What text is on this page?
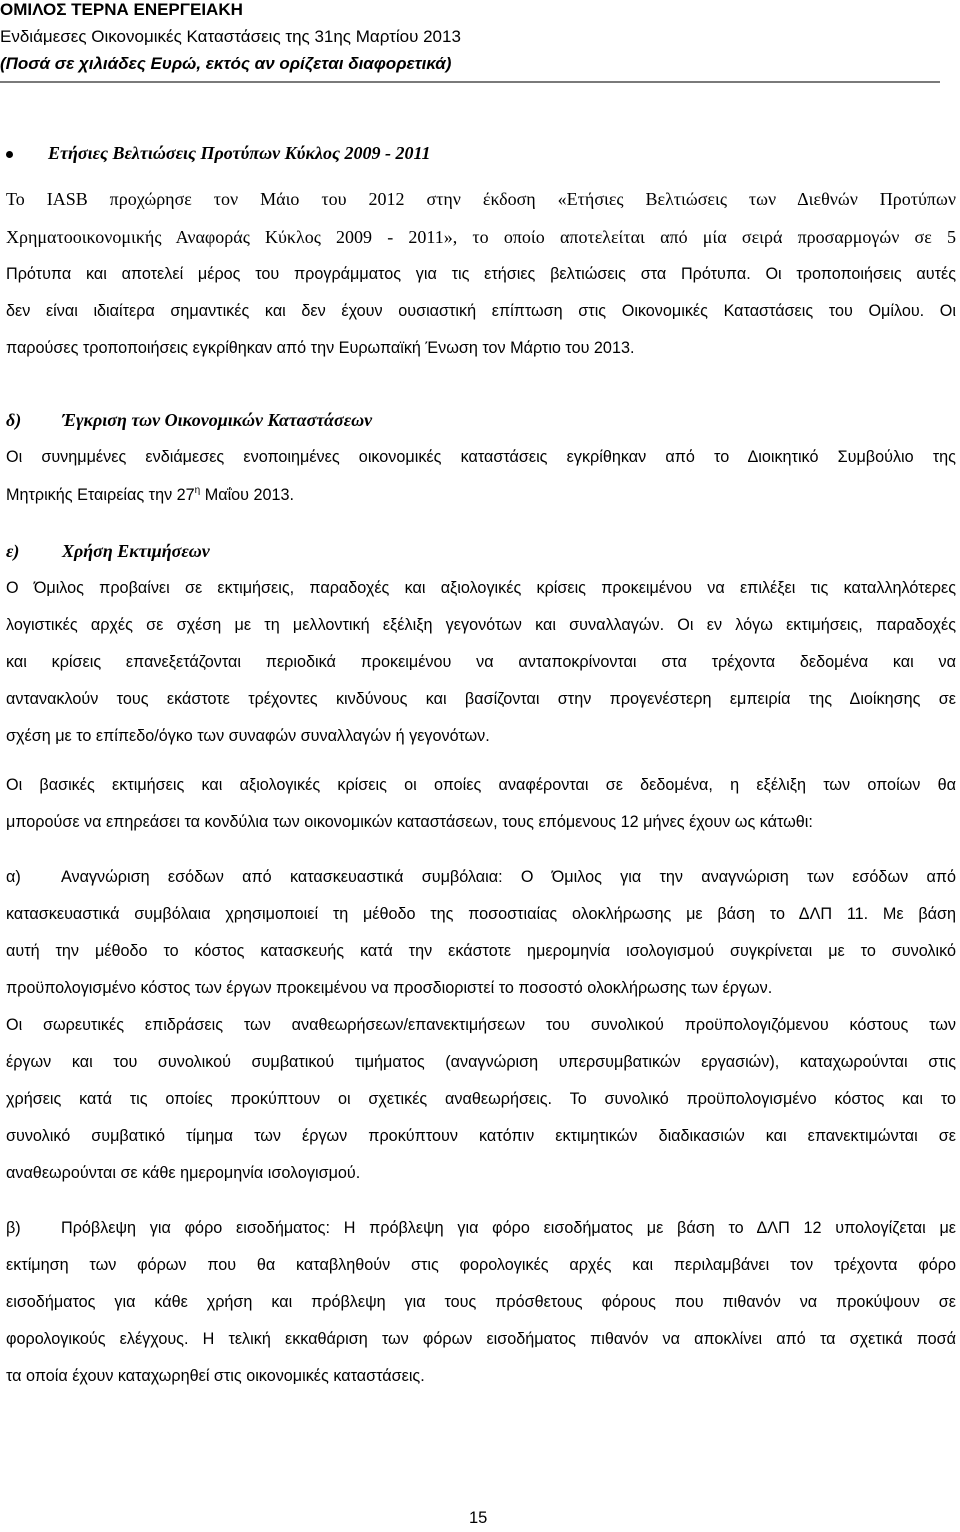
ΟΜΙΛΟΣ ΤΕΡΝΑ ΕΝΕΡΓΕΙΑΚΗ
Ενδιάμεσες Οικονομικές Καταστάσεις της 31ης Μαρτίου 2013
(Ποσά σε χιλιάδες Ευρώ, εκτός αν ορίζεται διαφορετικά)
Ετήσιες Βελτιώσεις Προτύπων Κύκλος 2009 - 2011
Το IASB προχώρησε τον Μάιο του 2012 στην έκδοση «Ετήσιες Βελτιώσεις των Διεθνών Προτύπων
Χρηματοοικονομικής Αναφοράς Κύκλος 2009 - 2011», το οποίο αποτελείται από μία σειρά προσαρμογών σε 5
Πρότυπα και αποτελεί μέρος του προγράμματος για τις ετήσιες βελτιώσεις στα Πρότυπα. Οι τροποποιήσεις αυτές
δεν είναι ιδιαίτερα σημαντικές και δεν έχουν ουσιαστική επίπτωση στις Οικονομικές Καταστάσεις του Ομίλου. Οι
παρούσες τροποποιήσεις εγκρίθηκαν από την Ευρωπαϊκή Ένωση τον Μάρτιο του 2013.
δ) Έγκριση των Οικονομικών Καταστάσεων
Οι συνημμένες ενδιάμεσες ενοποιημένες οικονομικές καταστάσεις εγκρίθηκαν από το Διοικητικό Συμβούλιο της
Μητρικής Εταιρείας την $27^\eta$ Μαΐου 2013.
ε) Χρήση Εκτιμήσεων
Ο Όμιλος προβαίνει σε εκτιμήσεις, παραδοχές και αξιολογικές κρίσεις προκειμένου να επιλέξει τις καταλληλότερες
λογιστικές αρχές σε σχέση με τη μελλοντική εξέλιξη γεγονότων και συναλλαγών. Οι εν λόγω εκτιμήσεις, παραδοχές
και κρίσεις επανεξετάζονται περιοδικά προκειμένου να ανταποκρίνονται στα τρέχοντα δεδομένα και να
αντανακλούν τους εκάστοτε τρέχοντες κινδύνους και βασίζονται στην προγενέστερη εμπειρία της Διοίκησης σε
σχέση με το επίπεδο/όγκο των συναφών συναλλαγών ή γεγονότων.
Οι βασικές εκτιμήσεις και αξιολογικές κρίσεις οι οποίες αναφέρονται σε δεδομένα, η εξέλιξη των οποίων θα
μπορούσε να επηρεάσει τα κονδύλια των οικονομικών καταστάσεων, τους επόμενους 12 μήνες έχουν ως κάτωθι:
α) Αναγνώριση εσόδων από κατασκευαστικά συμβόλαια: Ο Όμιλος για την αναγνώριση των εσόδων από
κατασκευαστικά συμβόλαια χρησιμοποιεί τη μέθοδο της ποσοστιαίας ολοκλήρωσης με βάση το ΔΛΠ 11. Με βάση
αυτή την μέθοδο το κόστος κατασκευής κατά την εκάστοτε ημερομηνία ισολογισμού συγκρίνεται με το συνολικό
προϋπολογισμένο κόστος των έργων προκειμένου να προσδιοριστεί το ποσοστό ολοκλήρωσης των έργων.
Οι σωρευτικές επιδράσεις των αναθεωρήσεων/επανεκτιμήσεων του συνολικού προϋπολογιζόμενου κόστους των
έργων και του συνολικού συμβατικού τιμήματος (αναγνώριση υπερσυμβατικών εργασιών), καταχωρούνται στις
χρήσεις κατά τις οποίες προκύπτουν οι σχετικές αναθεωρήσεις. Το συνολικό προϋπολογισμένο κόστος και το
συνολικό συμβατικό τίμημα των έργων προκύπτουν κατόπιν εκτιμητικών διαδικασιών και επανεκτιμώνται σε
αναθεωρούνται σε κάθε ημερομηνία ισολογισμού.
β) Πρόβλεψη για φόρο εισοδήματος: Η πρόβλεψη για φόρο εισοδήματος με βάση το ΔΛΠ 12 υπολογίζεται με
εκτίμηση των φόρων που θα καταβληθούν στις φορολογικές αρχές και περιλαμβάνει τον τρέχοντα φόρο
εισοδήματος για κάθε χρήση και πρόβλεψη για τους πρόσθετους φόρους που πιθανόν να προκύψουν σε
φορολογικούς ελέγχους. Η τελική εκκαθάριση των φόρων εισοδήματος πιθανόν να αποκλίνει από τα σχετικά ποσά
τα οποία έχουν καταχωρηθεί στις οικονομικές καταστάσεις.
15
